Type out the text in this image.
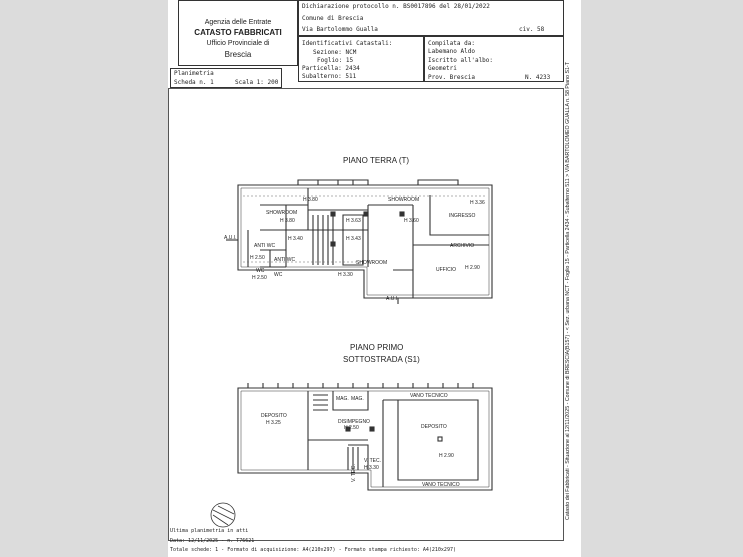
Agenzia delle Entrate
CATASTO FABBRICATI
Ufficio Provinciale di
Brescia
Dichiarazione protocollo n. BS0017896 del 28/01/2022
Comune di Brescia
Via Bartolommo Gualla	civ. 58
Identificativi Catastali:
Sezione: NCM
Foglio: 15
Particella: 2434
Subalterno: 511
Compilata da:
Labemano Aldo
Iscritto all'albo:
Geometri
Prov. Brescia	N. 4233
Planimetria
Scheda n. 1	Scala 1: 200
PIANO TERRA (T)
H 3.80
SHOWROOM
H 3.36
SHOWROOM
H 3.80	H 3.63	H 3.60
INGRESSO
H 3.40	H 3.43
ANTI WC	ARCHIVIO
H 2.50 ANTI WC
WC
WC
H 2.50
SHOWROOM
H 3.30
UFFICIO H 2.90
A.U.I.
A.U.I.
PIANO PRIMO
SOTTOSTRADA (S1)
MAG. MAG.	VANO TECNICO
DEPOSITO
H 3.25	DISIMPEGNO
H 2.50	DEPOSITO
H 2.90
V. TEC.
H 3.30
V. TEC.
VANO TECNICO
Ultima planimetria in atti
Data: 12/11/2025 - n. T76621
Totale schede: 1 - Formato di acquisizione: A4(210x297) - Formato stampa richiesto: A4(210x297)
Catasto dei Fabbricati - Situazione al 12/11/2025 - Comune di BRESCIA(B157) - < Sez. urbana NCT - Foglio 15 - Particella 2434 - Subalterno 511 > VIA BARTOLOMEO GUALLA n. 58 Piano S1-T
